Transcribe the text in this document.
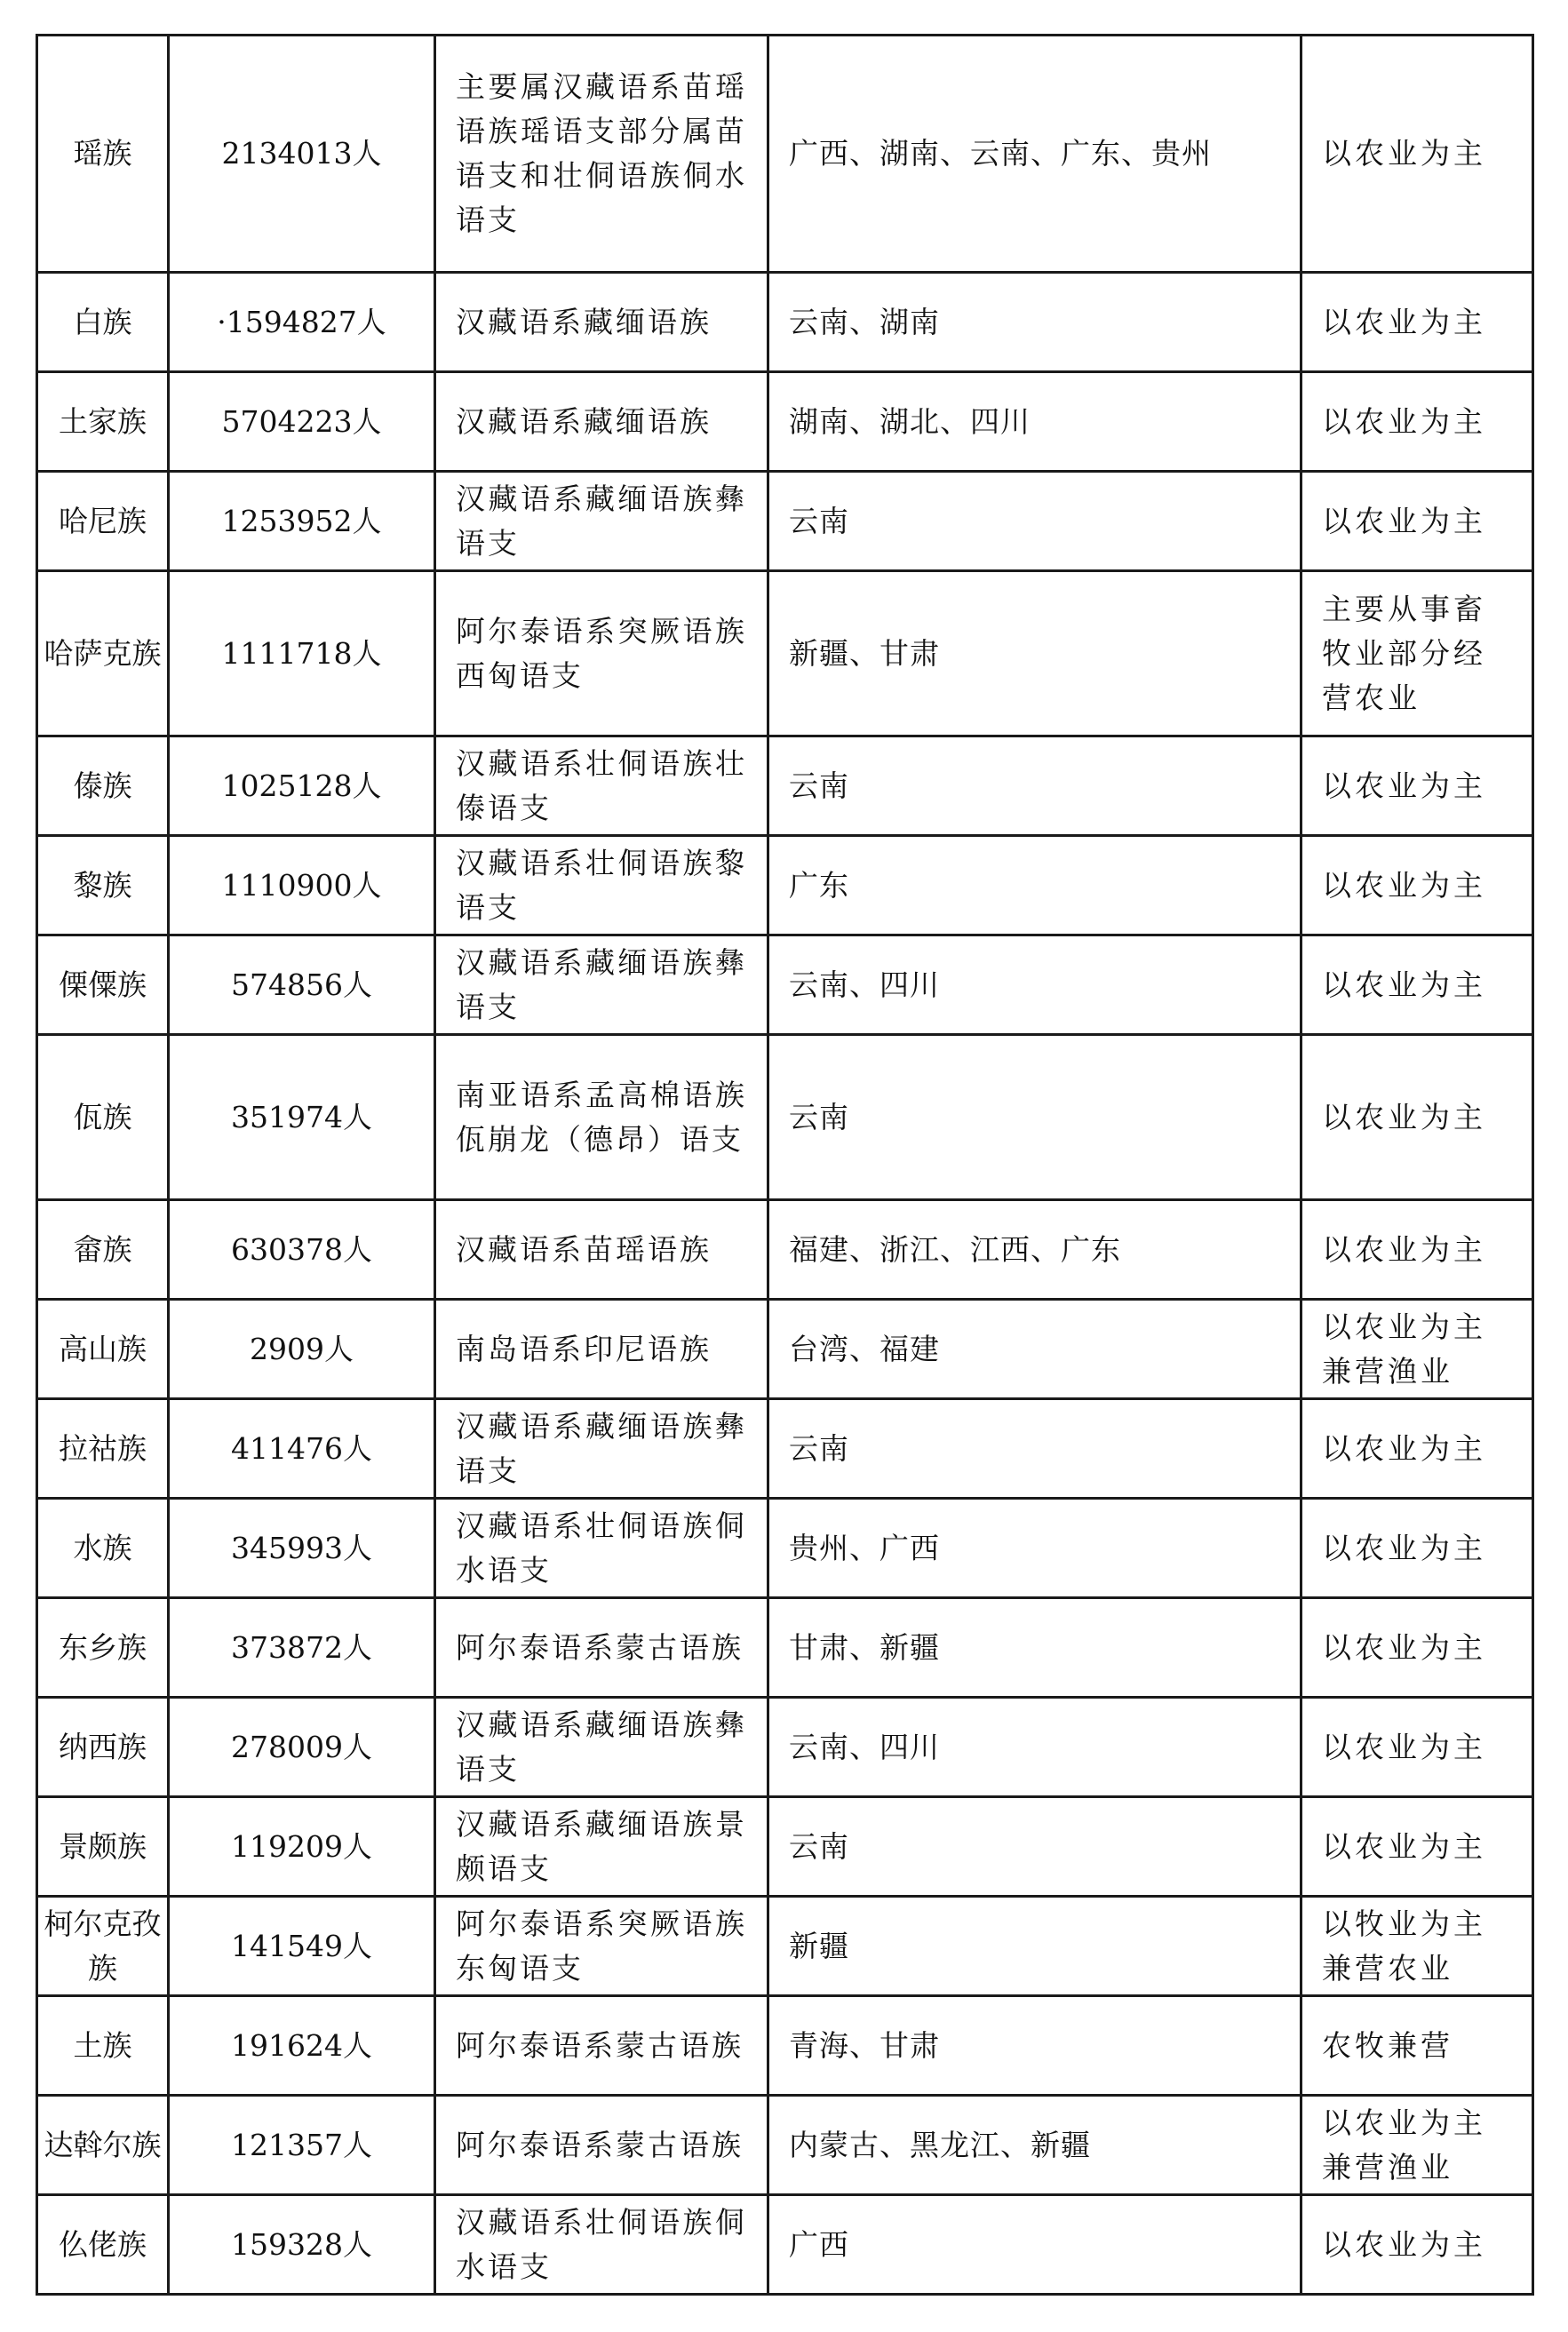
瑶族	2134013人	主要属汉藏语系苗瑶语族瑶语支部分属苗语支和壮侗语族侗水语支	广西、湖南、云南、广东、贵州	以农业为主
白族	·1594827人	汉藏语系藏缅语族	云南、湖南	以农业为主
土家族	5704223人	汉藏语系藏缅语族	湖南、湖北、四川	以农业为主
哈尼族	1253952人	汉藏语系藏缅语族彝语支	云南	以农业为主
哈萨克族	1111718人	阿尔泰语系突厥语族西匈语支	新疆、甘肃	主要从事畜牧业部分经营农业
傣族	1025128人	汉藏语系壮侗语族壮傣语支	云南	以农业为主
黎族	1110900人	汉藏语系壮侗语族黎语支	广东	以农业为主
傈僳族	574856人	汉藏语系藏缅语族彝语支	云南、四川	以农业为主
佤族	351974人	南亚语系孟高棉语族佤崩龙（德昂）语支	云南	以农业为主
畲族	630378人	汉藏语系苗瑶语族	福建、浙江、江西、广东	以农业为主
高山族	2909人	南岛语系印尼语族	台湾、福建	以农业为主兼营渔业
拉祜族	411476人	汉藏语系藏缅语族彝语支	云南	以农业为主
水族	345993人	汉藏语系壮侗语族侗水语支	贵州、广西	以农业为主
东乡族	373872人	阿尔泰语系蒙古语族	甘肃、新疆	以农业为主
纳西族	278009人	汉藏语系藏缅语族彝语支	云南、四川	以农业为主
景颇族	119209人	汉藏语系藏缅语族景颇语支	云南	以农业为主
柯尔克孜族	141549人	阿尔泰语系突厥语族东匈语支	新疆	以牧业为主兼营农业
土族	191624人	阿尔泰语系蒙古语族	青海、甘肃	农牧兼营
达斡尔族	121357人	阿尔泰语系蒙古语族	内蒙古、黑龙江、新疆	以农业为主兼营渔业
仫佬族	159328人	汉藏语系壮侗语族侗水语支	广西	以农业为主
